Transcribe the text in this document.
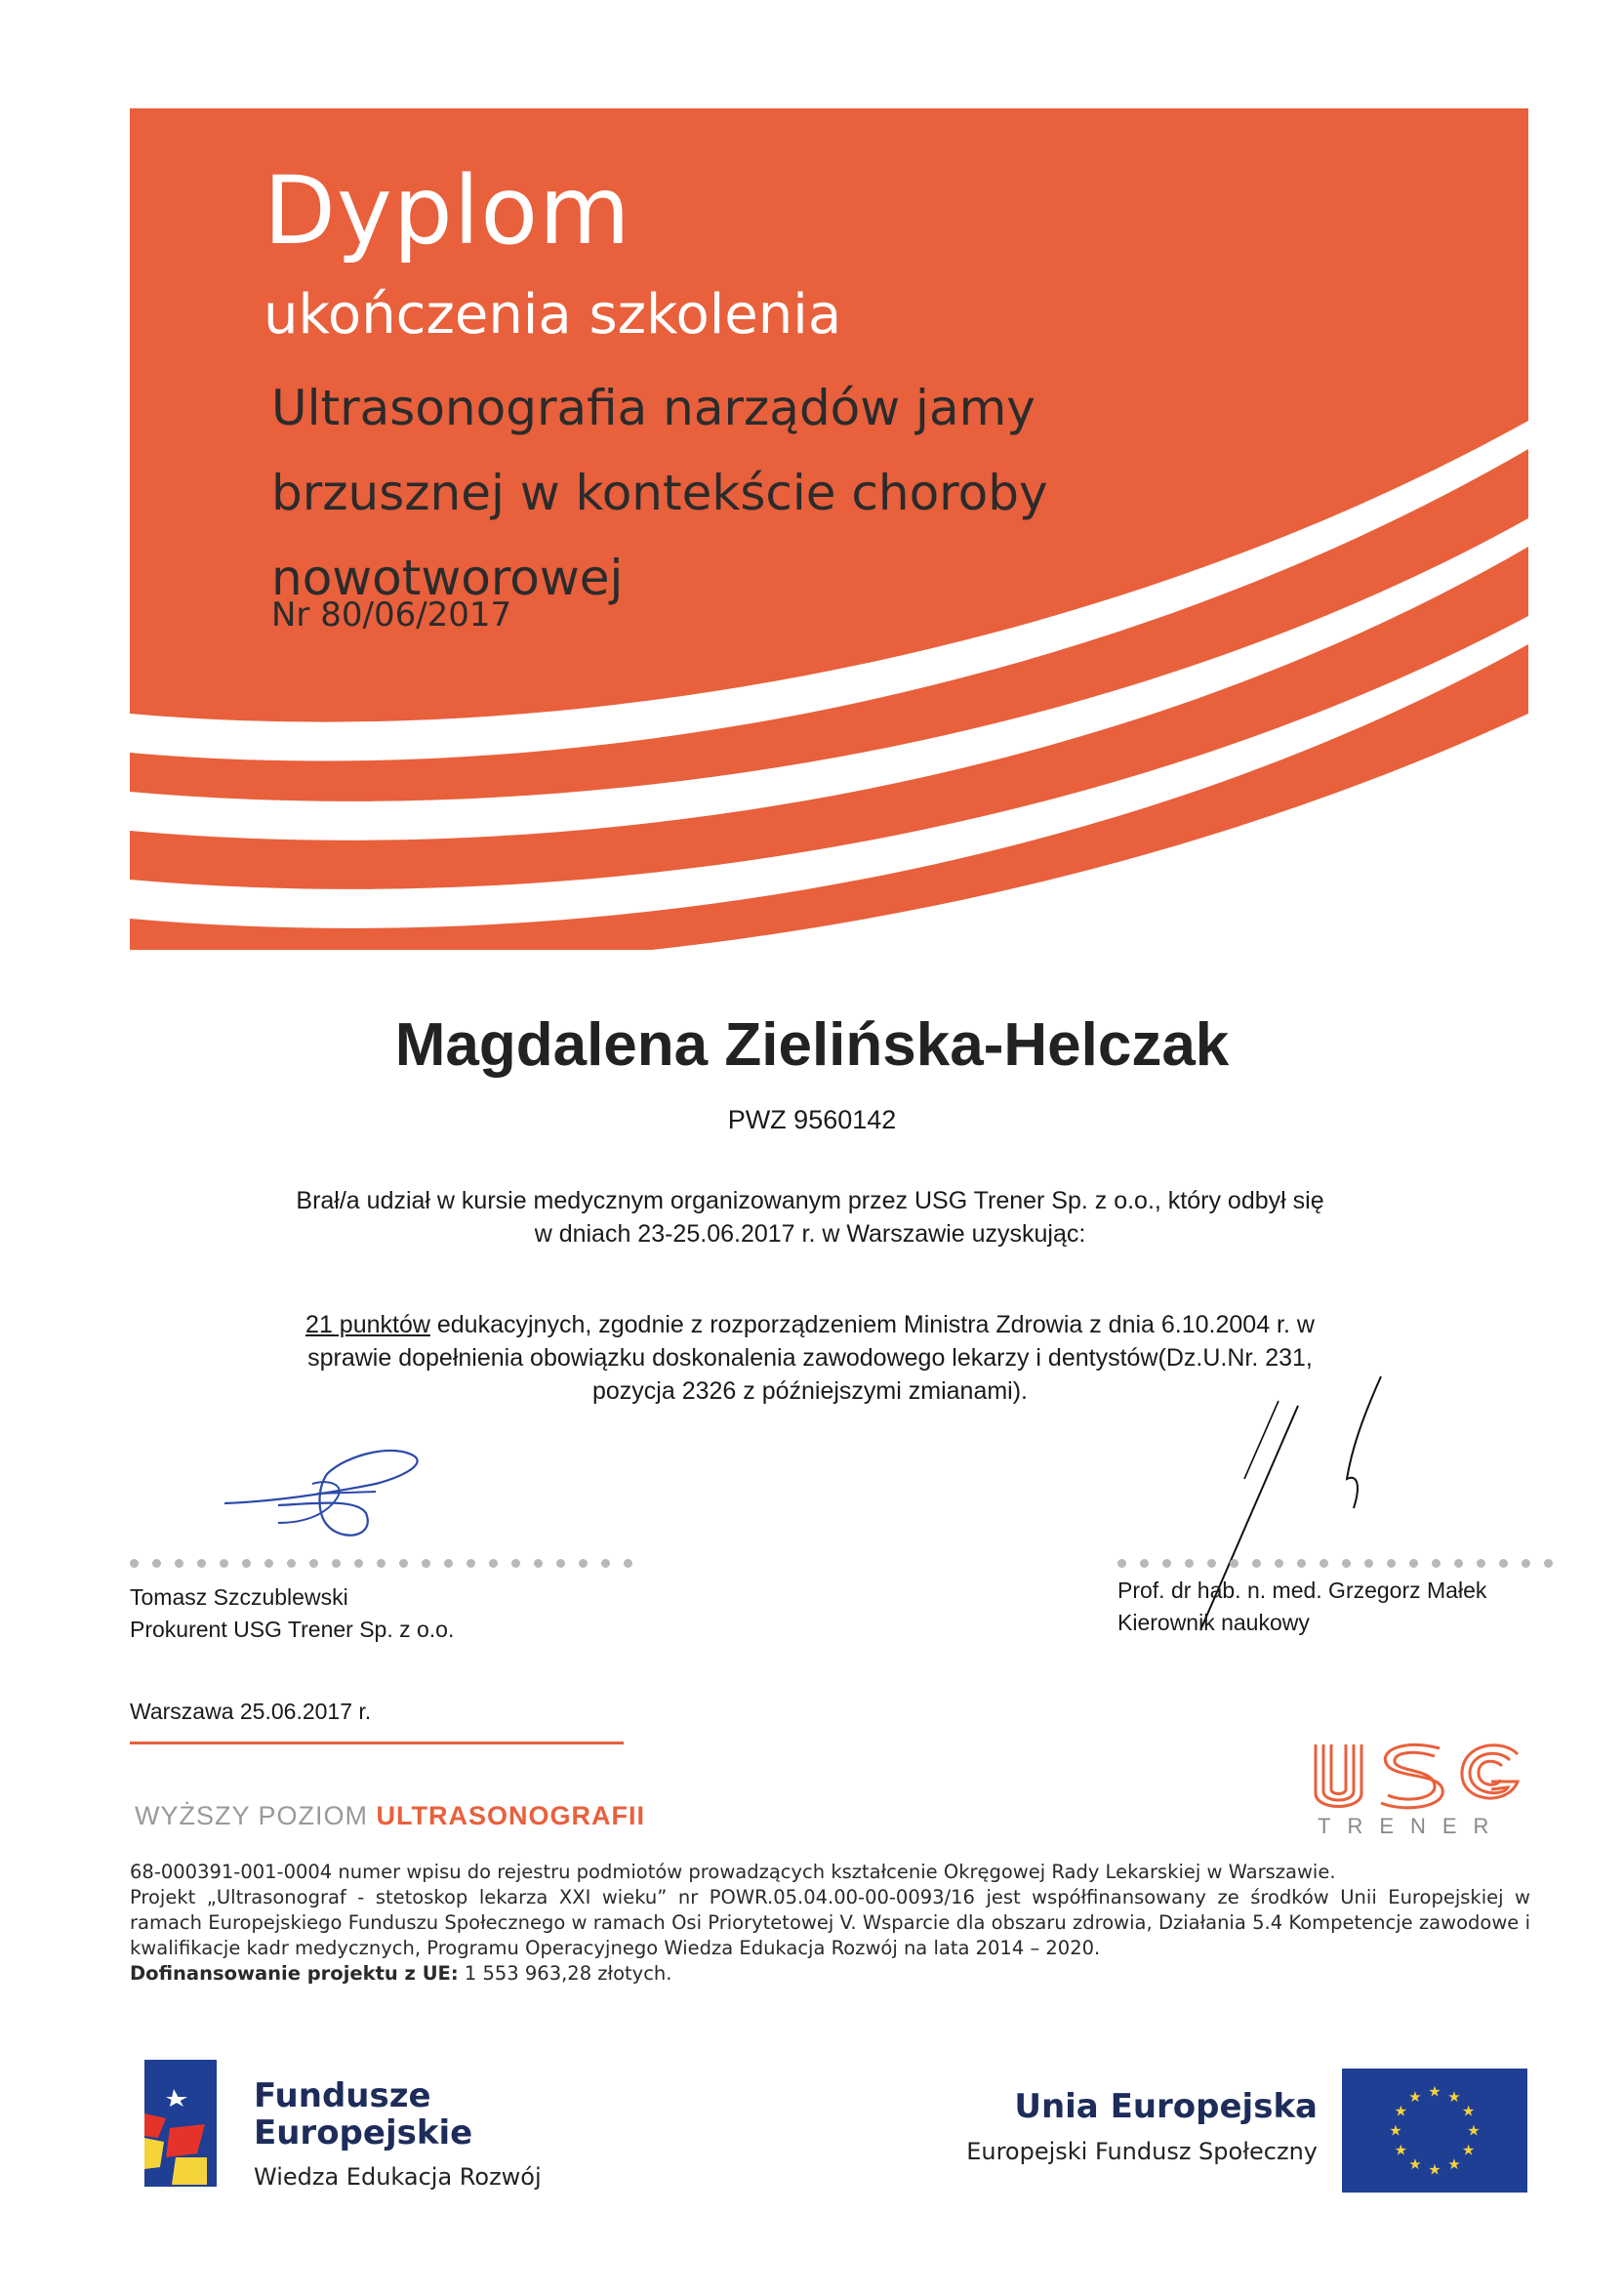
Dyplom
ukończenia szkolenia
Ultrasonografia narządów jamy
brzusznej w kontekście choroby
nowotworowej
Nr 80/06/2017
Magdalena Zielińska-Helczak
PWZ 9560142
Brał/a udział w kursie medycznym organizowanym przez USG Trener Sp. z o.o., który odbył się
w dniach 23-25.06.2017 r. w Warszawie uzyskując:
21 punktów edukacyjnych, zgodnie z rozporządzeniem Ministra Zdrowia z dnia 6.10.2004 r. w
sprawie dopełnienia obowiązku doskonalenia zawodowego lekarzy i dentystów(Dz.U.Nr. 231,
pozycja 2326 z późniejszymi zmianami).
Tomasz Szczublewski
Prokurent USG Trener Sp. z o.o.
Prof. dr hab. n. med. Grzegorz Małek
Kierownik naukowy
Warszawa 25.06.2017 r.
WYŻSZY POZIOM ULTRASONOGRAFII	TRENER
68-000391-001-0004 numer wpisu do rejestru podmiotów prowadzących kształcenie Okręgowej Rady Lekarskiej w Warszawie.
Projekt „Ultrasonograf - stetoskop lekarza XXI wieku” nr POWR.05.04.00-00-0093/16 jest współfinansowany ze środków Unii Europejskiej w ramach Europejskiego Funduszu Społecznego w ramach Osi Priorytetowej V. Wsparcie dla obszaru zdrowia, Działania 5.4 Kompetencje zawodowe i kwalifikacje kadr medycznych, Programu Operacyjnego Wiedza Edukacja Rozwój na lata 2014 – 2020.
Dofinansowanie projektu z UE: 1 553 963,28 złotych.
Fundusze
Europejskie
Wiedza Edukacja Rozwój
Unia Europejska
Europejski Fundusz Społeczny
★ ★
★
★
★
★
★
★
★
★
★
★
